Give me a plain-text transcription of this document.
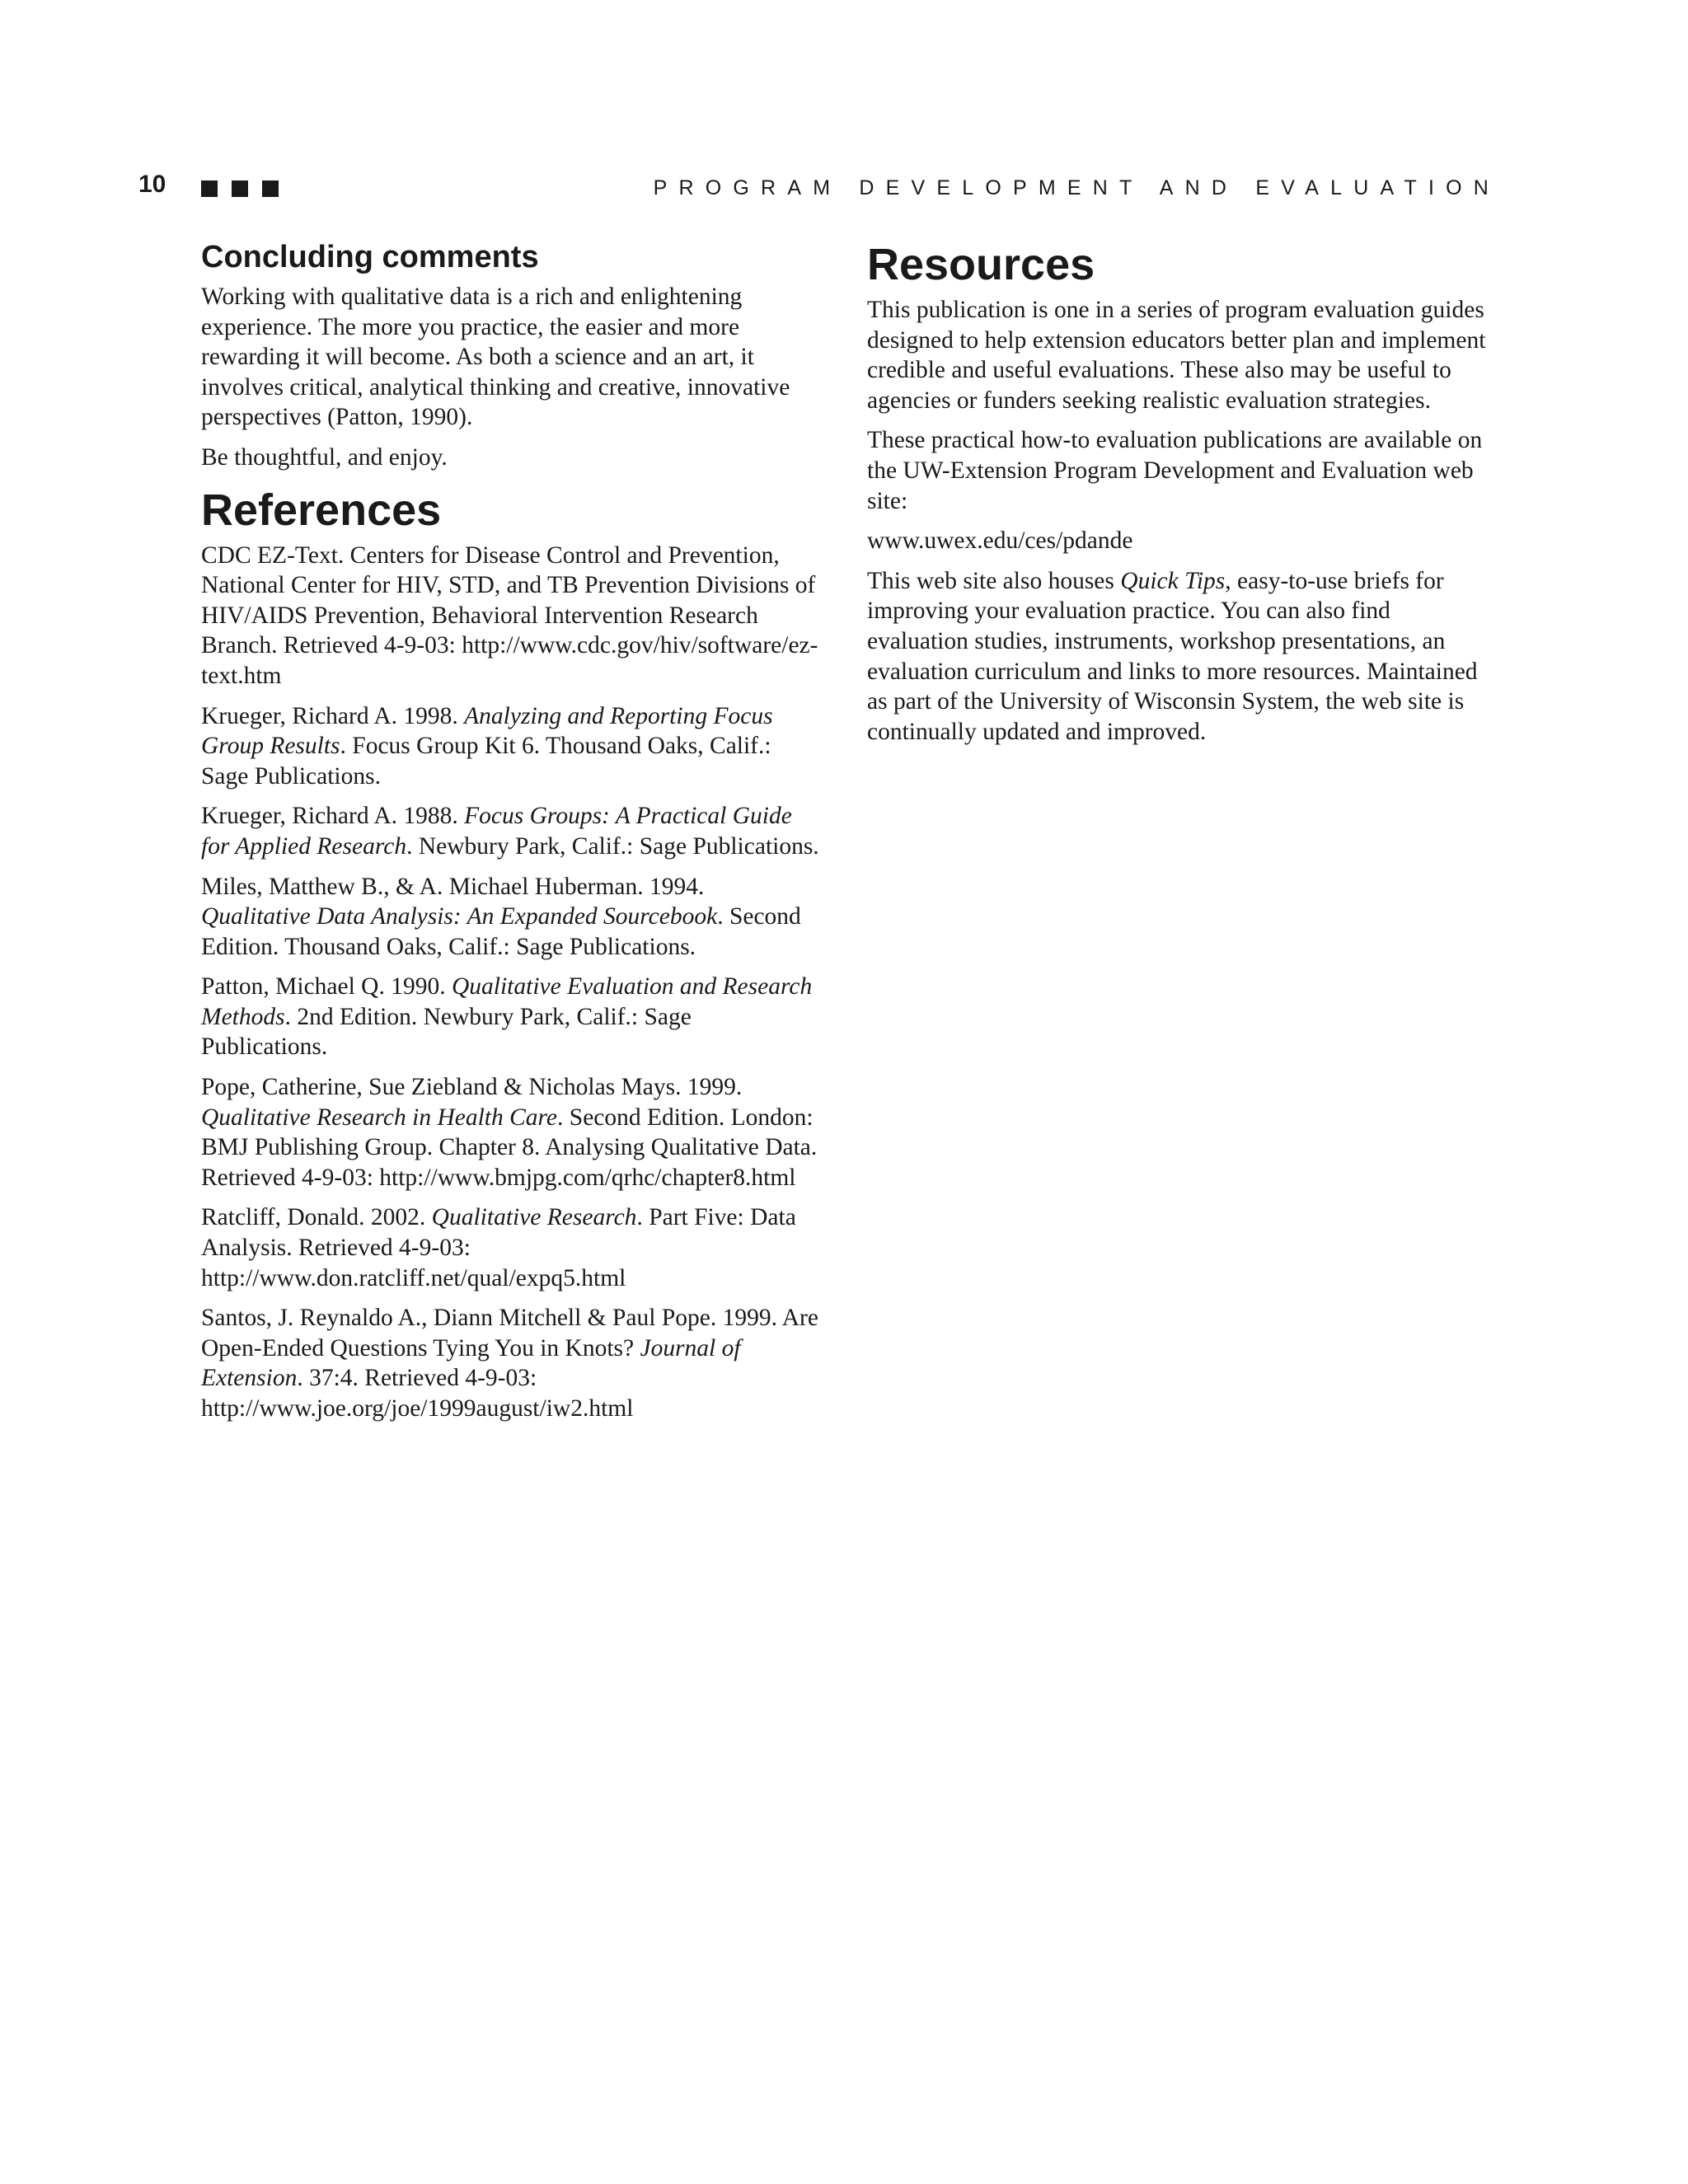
10	PROGRAM DEVELOPMENT AND EVALUATION
Concluding comments

Working with qualitative data is a rich and enlightening experience. The more you practice, the easier and more rewarding it will become. As both a science and an art, it involves critical, analytical thinking and creative, innovative perspectives (Patton, 1990).

Be thoughtful, and enjoy.

References
CDC EZ-Text. Centers for Disease Control and Prevention, National Center for HIV, STD, and TB Prevention Divisions of HIV/AIDS Prevention, Behavioral Intervention Research Branch. Retrieved 4-9-03: http://www.cdc.gov/hiv/software/ez-text.htm
Krueger, Richard A. 1998. Analyzing and Reporting Focus Group Results. Focus Group Kit 6. Thousand Oaks, Calif.: Sage Publications.
Krueger, Richard A. 1988. Focus Groups: A Practical Guide for Applied Research. Newbury Park, Calif.: Sage Publications.
Miles, Matthew B., & A. Michael Huberman. 1994. Qualitative Data Analysis: An Expanded Sourcebook. Second Edition. Thousand Oaks, Calif.: Sage Publications.
Patton, Michael Q. 1990. Qualitative Evaluation and Research Methods. 2nd Edition. Newbury Park, Calif.: Sage Publications.
Pope, Catherine, Sue Ziebland & Nicholas Mays. 1999. Qualitative Research in Health Care. Second Edition. London: BMJ Publishing Group. Chapter 8. Analysing Qualitative Data. Retrieved 4-9-03: http://www.bmjpg.com/qrhc/chapter8.html
Ratcliff, Donald. 2002. Qualitative Research. Part Five: Data Analysis. Retrieved 4-9-03: http://www.don.ratcliff.net/qual/expq5.html
Santos, J. Reynaldo A., Diann Mitchell & Paul Pope. 1999. Are Open-Ended Questions Tying You in Knots? Journal of Extension. 37:4. Retrieved 4-9-03: http://www.joe.org/joe/1999august/iw2.html
Resources

This publication is one in a series of program evaluation guides designed to help extension educators better plan and implement credible and useful evaluations. These also may be useful to agencies or funders seeking realistic evaluation strategies.

These practical how-to evaluation publications are available on the UW-Extension Program Development and Evaluation web site:

www.uwex.edu/ces/pdande

This web site also houses Quick Tips, easy-to-use briefs for improving your evaluation practice. You can also find evaluation studies, instruments, workshop presentations, an evaluation curriculum and links to more resources. Maintained as part of the University of Wisconsin System, the web site is continually updated and improved.
